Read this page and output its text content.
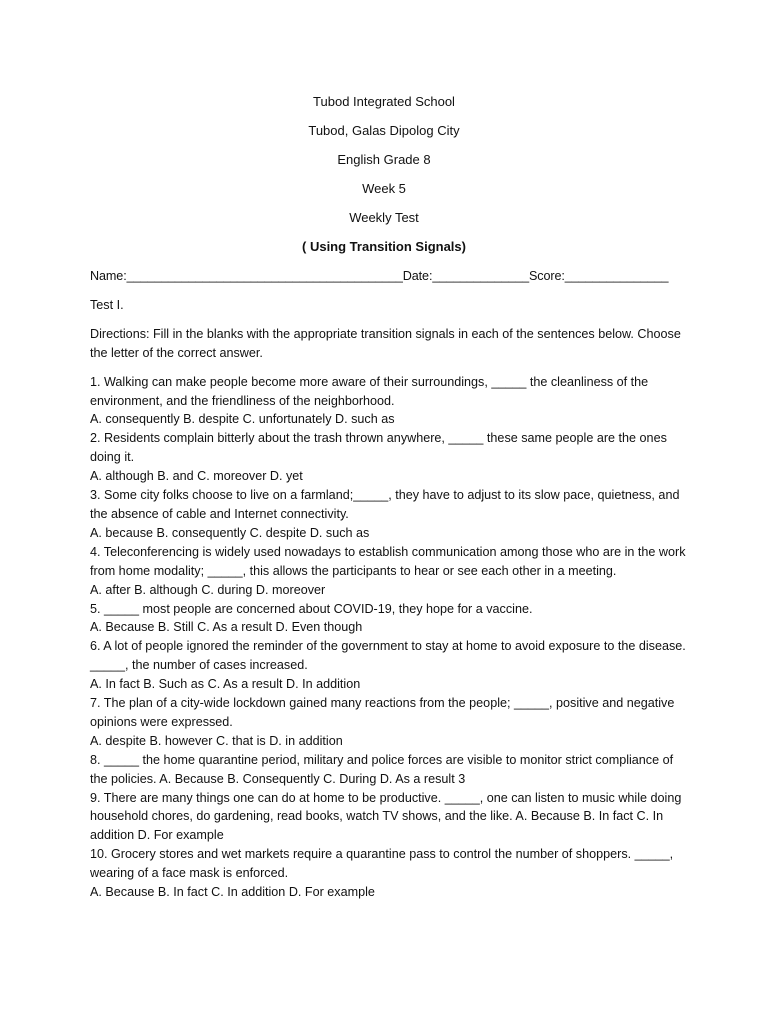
Tubod Integrated School
Tubod, Galas Dipolog City
English Grade 8
Week 5
Weekly Test
( Using Transition Signals)
Name:________________________________________Date:______________Score:_______________
Test I.
Directions: Fill in the blanks with the appropriate transition signals in each of the sentences below. Choose the letter of the correct answer.
1. Walking can make people become more aware of their surroundings, _____ the cleanliness of the environment, and the friendliness of the neighborhood.
A. consequently B. despite C. unfortunately D. such as
2. Residents complain bitterly about the trash thrown anywhere, _____ these same people are the ones doing it.
A. although B. and C. moreover D. yet
3. Some city folks choose to live on a farmland;_____, they have to adjust to its slow pace, quietness, and the absence of cable and Internet connectivity.
A. because B. consequently C. despite D. such as
4. Teleconferencing is widely used nowadays to establish communication among those who are in the work from home modality; _____, this allows the participants to hear or see each other in a meeting.
A. after B. although C. during D. moreover
5. _____ most people are concerned about COVID-19, they hope for a vaccine.
A. Because B. Still C. As a result D. Even though
6. A lot of people ignored the reminder of the government to stay at home to avoid exposure to the disease. _____, the number of cases increased.
A. In fact B. Such as C. As a result D. In addition
7. The plan of a city-wide lockdown gained many reactions from the people; _____, positive and negative opinions were expressed.
A. despite B. however C. that is D. in addition
8. _____ the home quarantine period, military and police forces are visible to monitor strict compliance of the policies. A. Because B. Consequently C. During D. As a result 3
9. There are many things one can do at home to be productive. _____, one can listen to music while doing household chores, do gardening, read books, watch TV shows, and the like. A. Because B. In fact C. In addition D. For example
10. Grocery stores and wet markets require a quarantine pass to control the number of shoppers. _____, wearing of a face mask is enforced.
A. Because B. In fact C. In addition D. For example
